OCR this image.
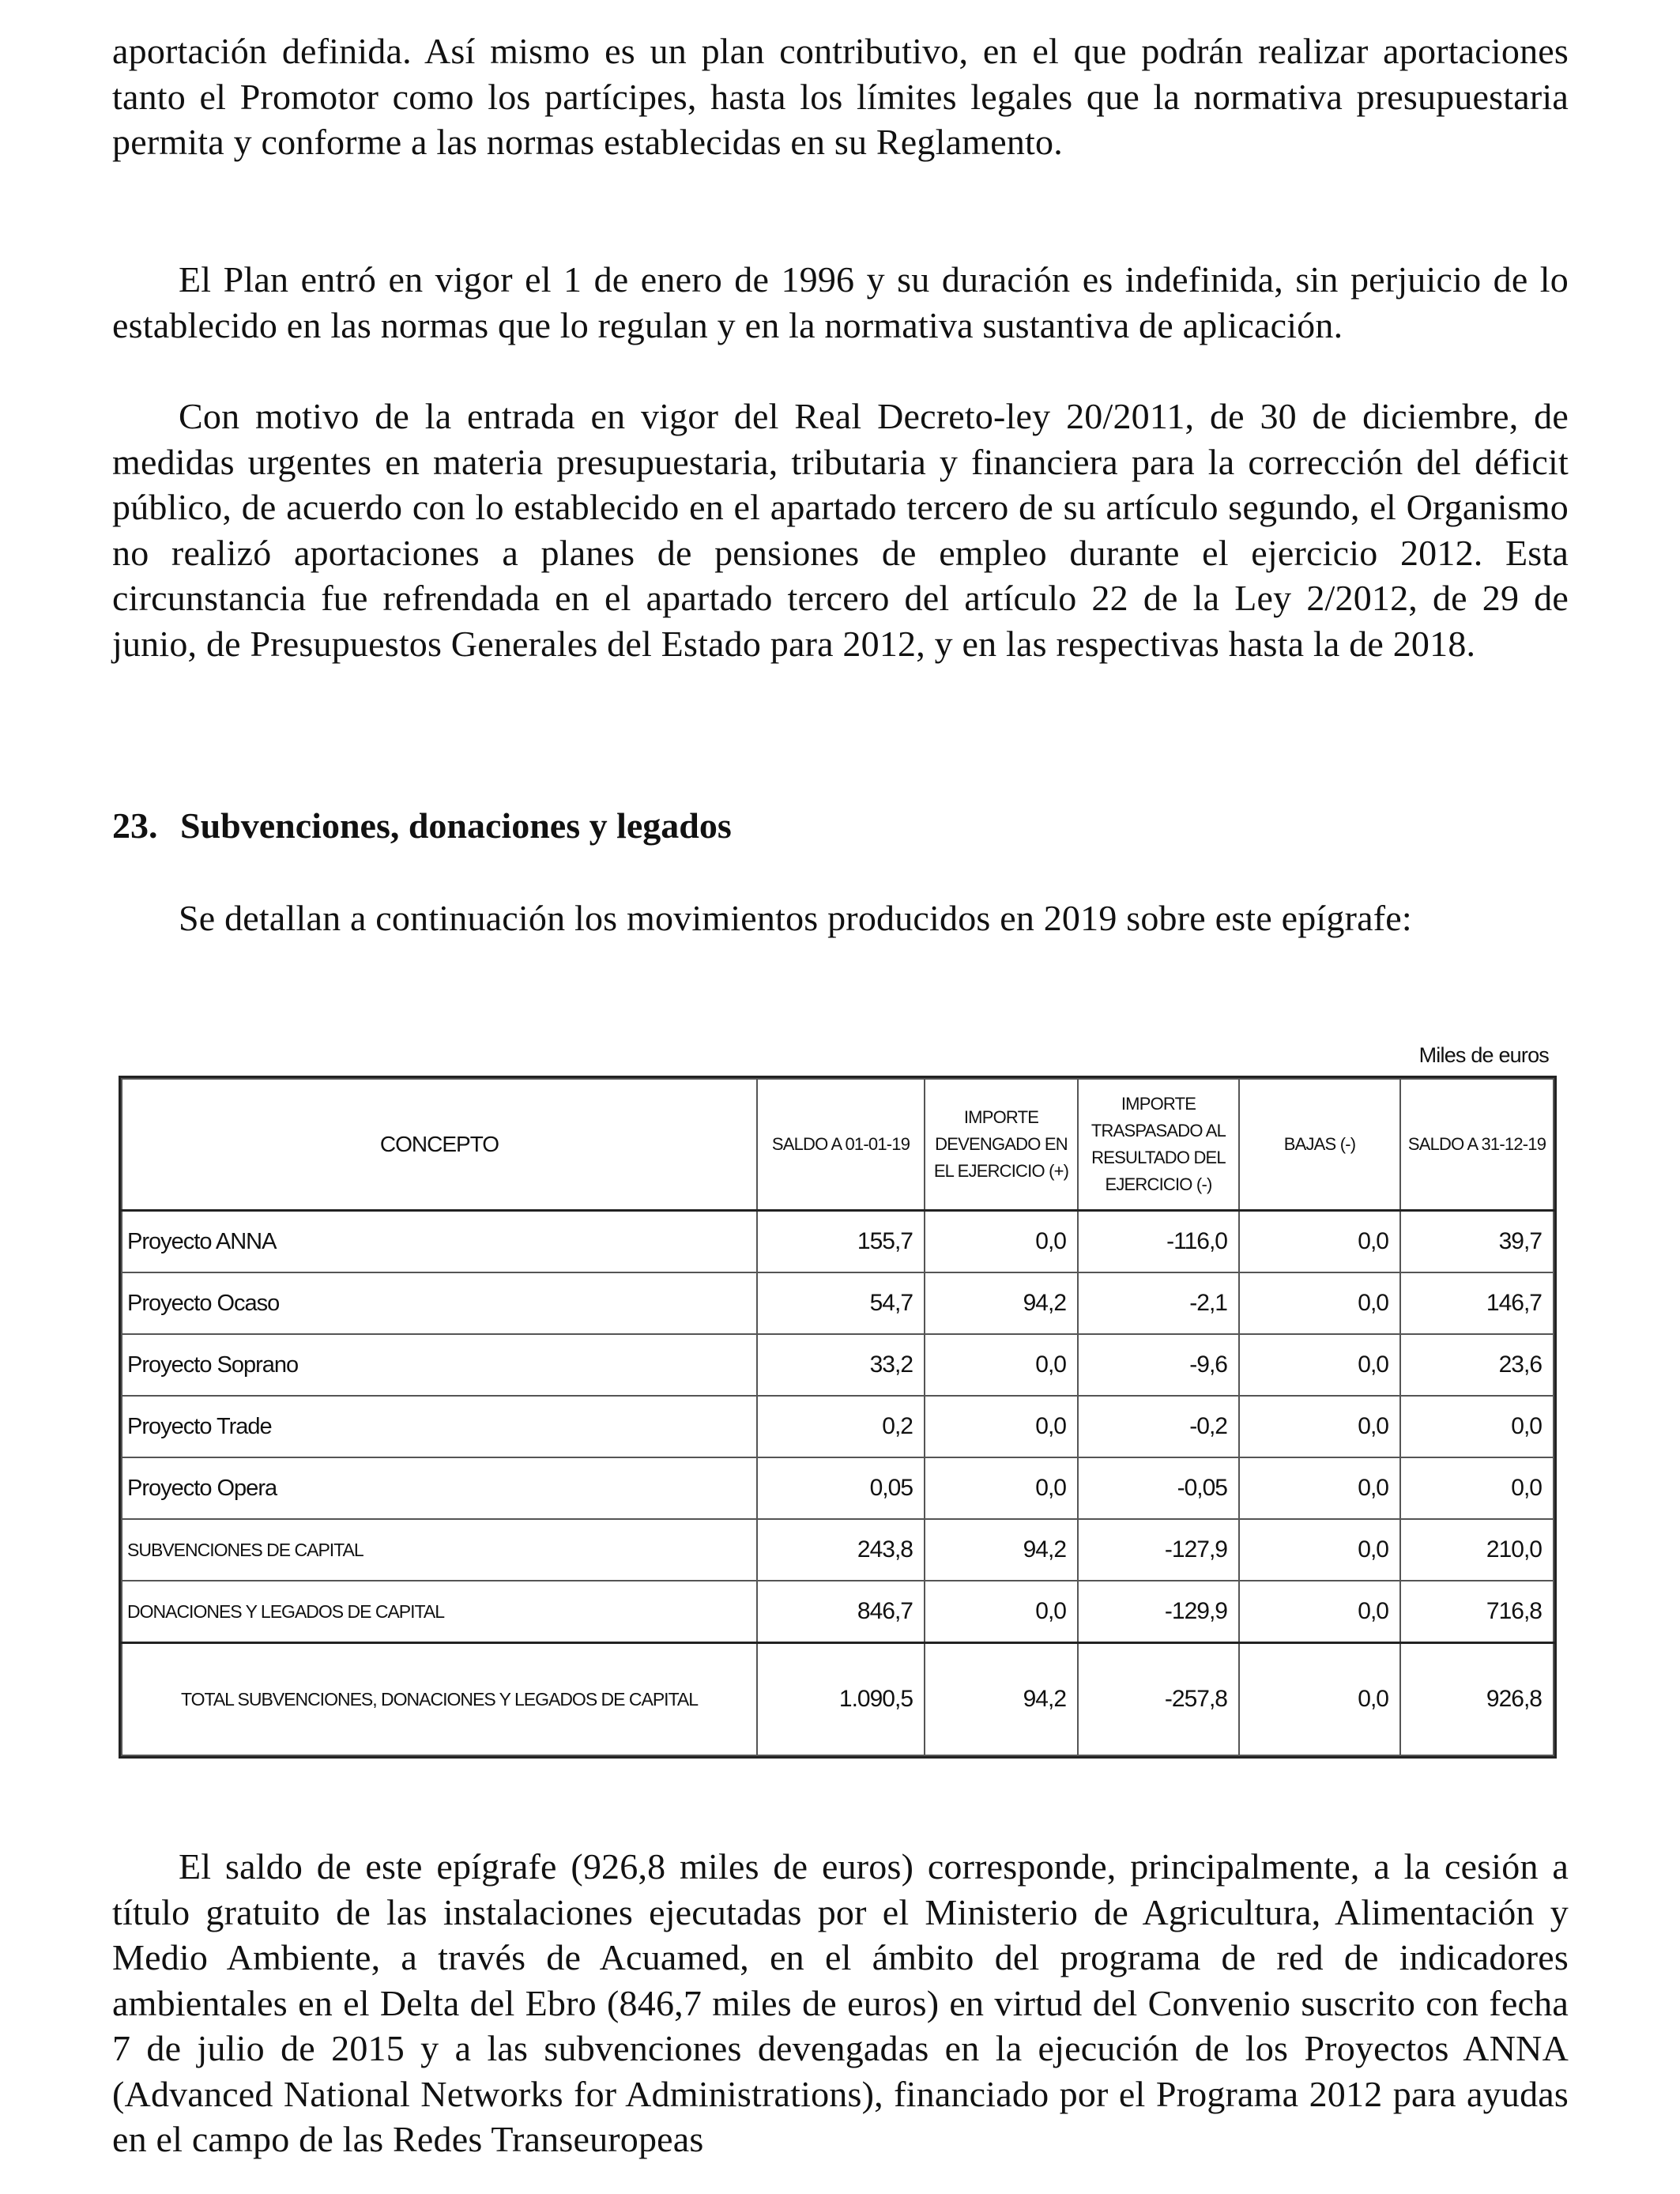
aportación definida. Así mismo es un plan contributivo, en el que podrán realizar aportaciones tanto el Promotor como los partícipes, hasta los límites legales que la normativa presupuestaria permita y conforme a las normas establecidas en su Reglamento.

El Plan entró en vigor el 1 de enero de 1996 y su duración es indefinida, sin perjuicio de lo establecido en las normas que lo regulan y en la normativa sustantiva de aplicación.

Con motivo de la entrada en vigor del Real Decreto-ley 20/2011, de 30 de diciembre, de medidas urgentes en materia presupuestaria, tributaria y financiera para la corrección del déficit público, de acuerdo con lo establecido en el apartado tercero de su artículo segundo, el Organismo no realizó aportaciones a planes de pensiones de empleo durante el ejercicio 2012. Esta circunstancia fue refrendada en el apartado tercero del artículo 22 de la Ley 2/2012, de 29 de junio, de Presupuestos Generales del Estado para 2012, y en las respectivas hasta la de 2018.

23. Subvenciones, donaciones y legados

Se detallan a continuación los movimientos producidos en 2019 sobre este epígrafe:

Miles de euros
CONCEPTO	SALDO A 01-01-19	IMPORTE DEVENGADO EN EL EJERCICIO (+)	IMPORTE TRASPASADO AL RESULTADO DEL EJERCICIO (-)	BAJAS (-)	SALDO A 31-12-19
Proyecto ANNA	155,7	0,0	-116,0	0,0	39,7
Proyecto Ocaso	54,7	94,2	-2,1	0,0	146,7
Proyecto Soprano	33,2	0,0	-9,6	0,0	23,6
Proyecto Trade	0,2	0,0	-0,2	0,0	0,0
Proyecto Opera	0,05	0,0	-0,05	0,0	0,0
SUBVENCIONES DE CAPITAL	243,8	94,2	-127,9	0,0	210,0
DONACIONES Y LEGADOS DE CAPITAL	846,7	0,0	-129,9	0,0	716,8
TOTAL SUBVENCIONES, DONACIONES Y LEGADOS DE CAPITAL	1.090,5	94,2	-257,8	0,0	926,8

El saldo de este epígrafe (926,8 miles de euros) corresponde, principalmente, a la cesión a título gratuito de las instalaciones ejecutadas por el Ministerio de Agricultura, Alimentación y Medio Ambiente, a través de Acuamed, en el ámbito del programa de red de indicadores ambientales en el Delta del Ebro (846,7 miles de euros) en virtud del Convenio suscrito con fecha 7 de julio de 2015 y a las subvenciones devengadas en la ejecución de los Proyectos ANNA (Advanced National Networks for Administrations), financiado por el Programa 2012 para ayudas en el campo de las Redes Transeuropeas
